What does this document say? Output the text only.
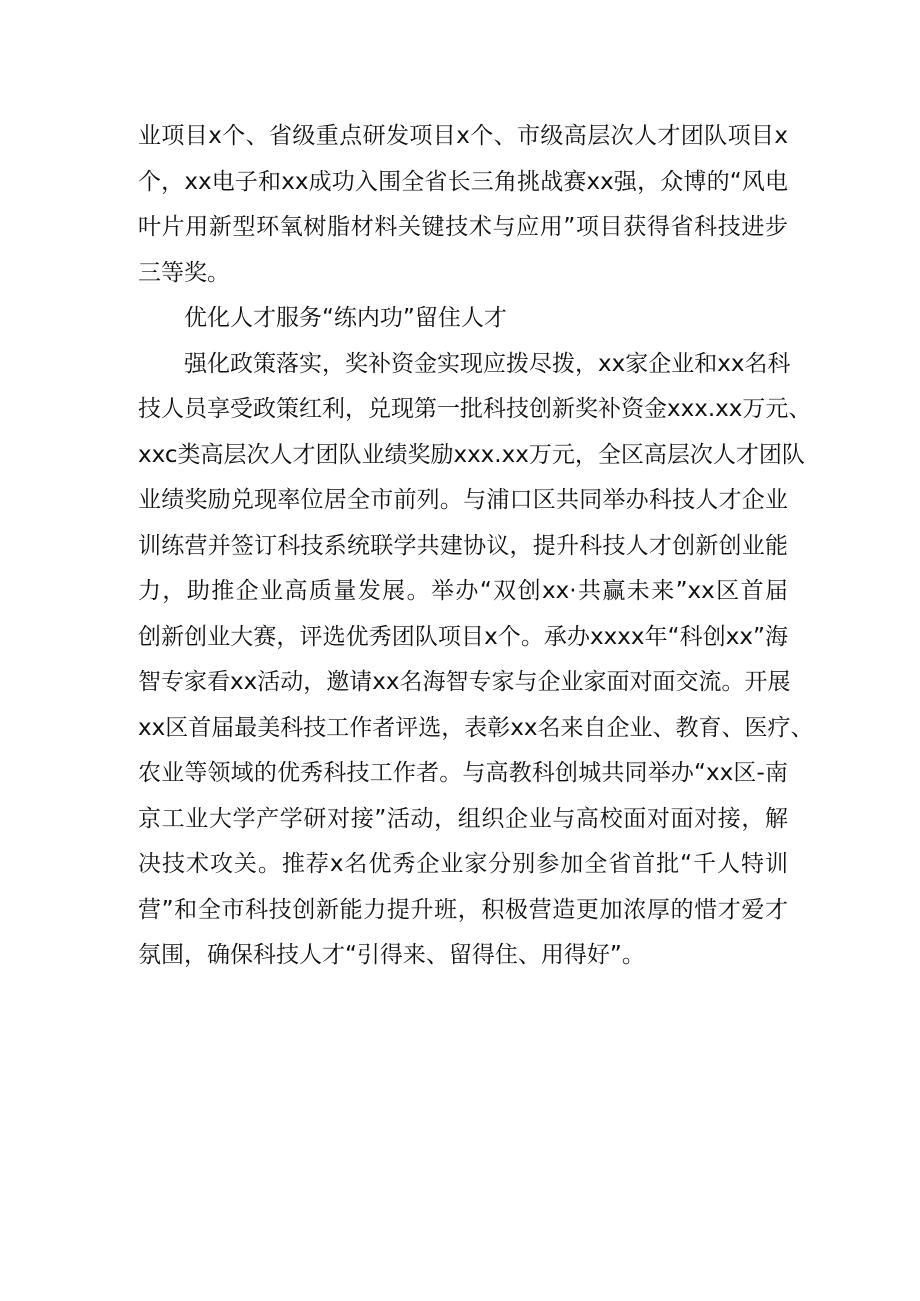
业项目x个、省级重点研发项目x个、市级高层次人才团队项目x
个，xx电子和xx成功入围全省长三角挑战赛xx强，众博的“风电
叶片用新型环氧树脂材料关键技术与应用”项目获得省科技进步
三等奖。
优化人才服务“练内功”留住人才
强化政策落实，奖补资金实现应拨尽拨，xx家企业和xx名科
技人员享受政策红利，兑现第一批科技创新奖补资金xxx.xx万元、
xxc类高层次人才团队业绩奖励xxx.xx万元，全区高层次人才团队
业绩奖励兑现率位居全市前列。与浦口区共同举办科技人才企业
训练营并签订科技系统联学共建协议，提升科技人才创新创业能
力，助推企业高质量发展。举办“双创xx·共赢未来”xx区首届
创新创业大赛，评选优秀团队项目x个。承办xxxx年“科创xx”海
智专家看xx活动，邀请xx名海智专家与企业家面对面交流。开展
xx区首届最美科技工作者评选，表彰xx名来自企业、教育、医疗、
农业等领域的优秀科技工作者。与高教科创城共同举办“xx区-南
京工业大学产学研对接”活动，组织企业与高校面对面对接，解
决技术攻关。推荐x名优秀企业家分别参加全省首批“千人特训
营”和全市科技创新能力提升班，积极营造更加浓厚的惜才爱才
氛围，确保科技人才“引得来、留得住、用得好”。
